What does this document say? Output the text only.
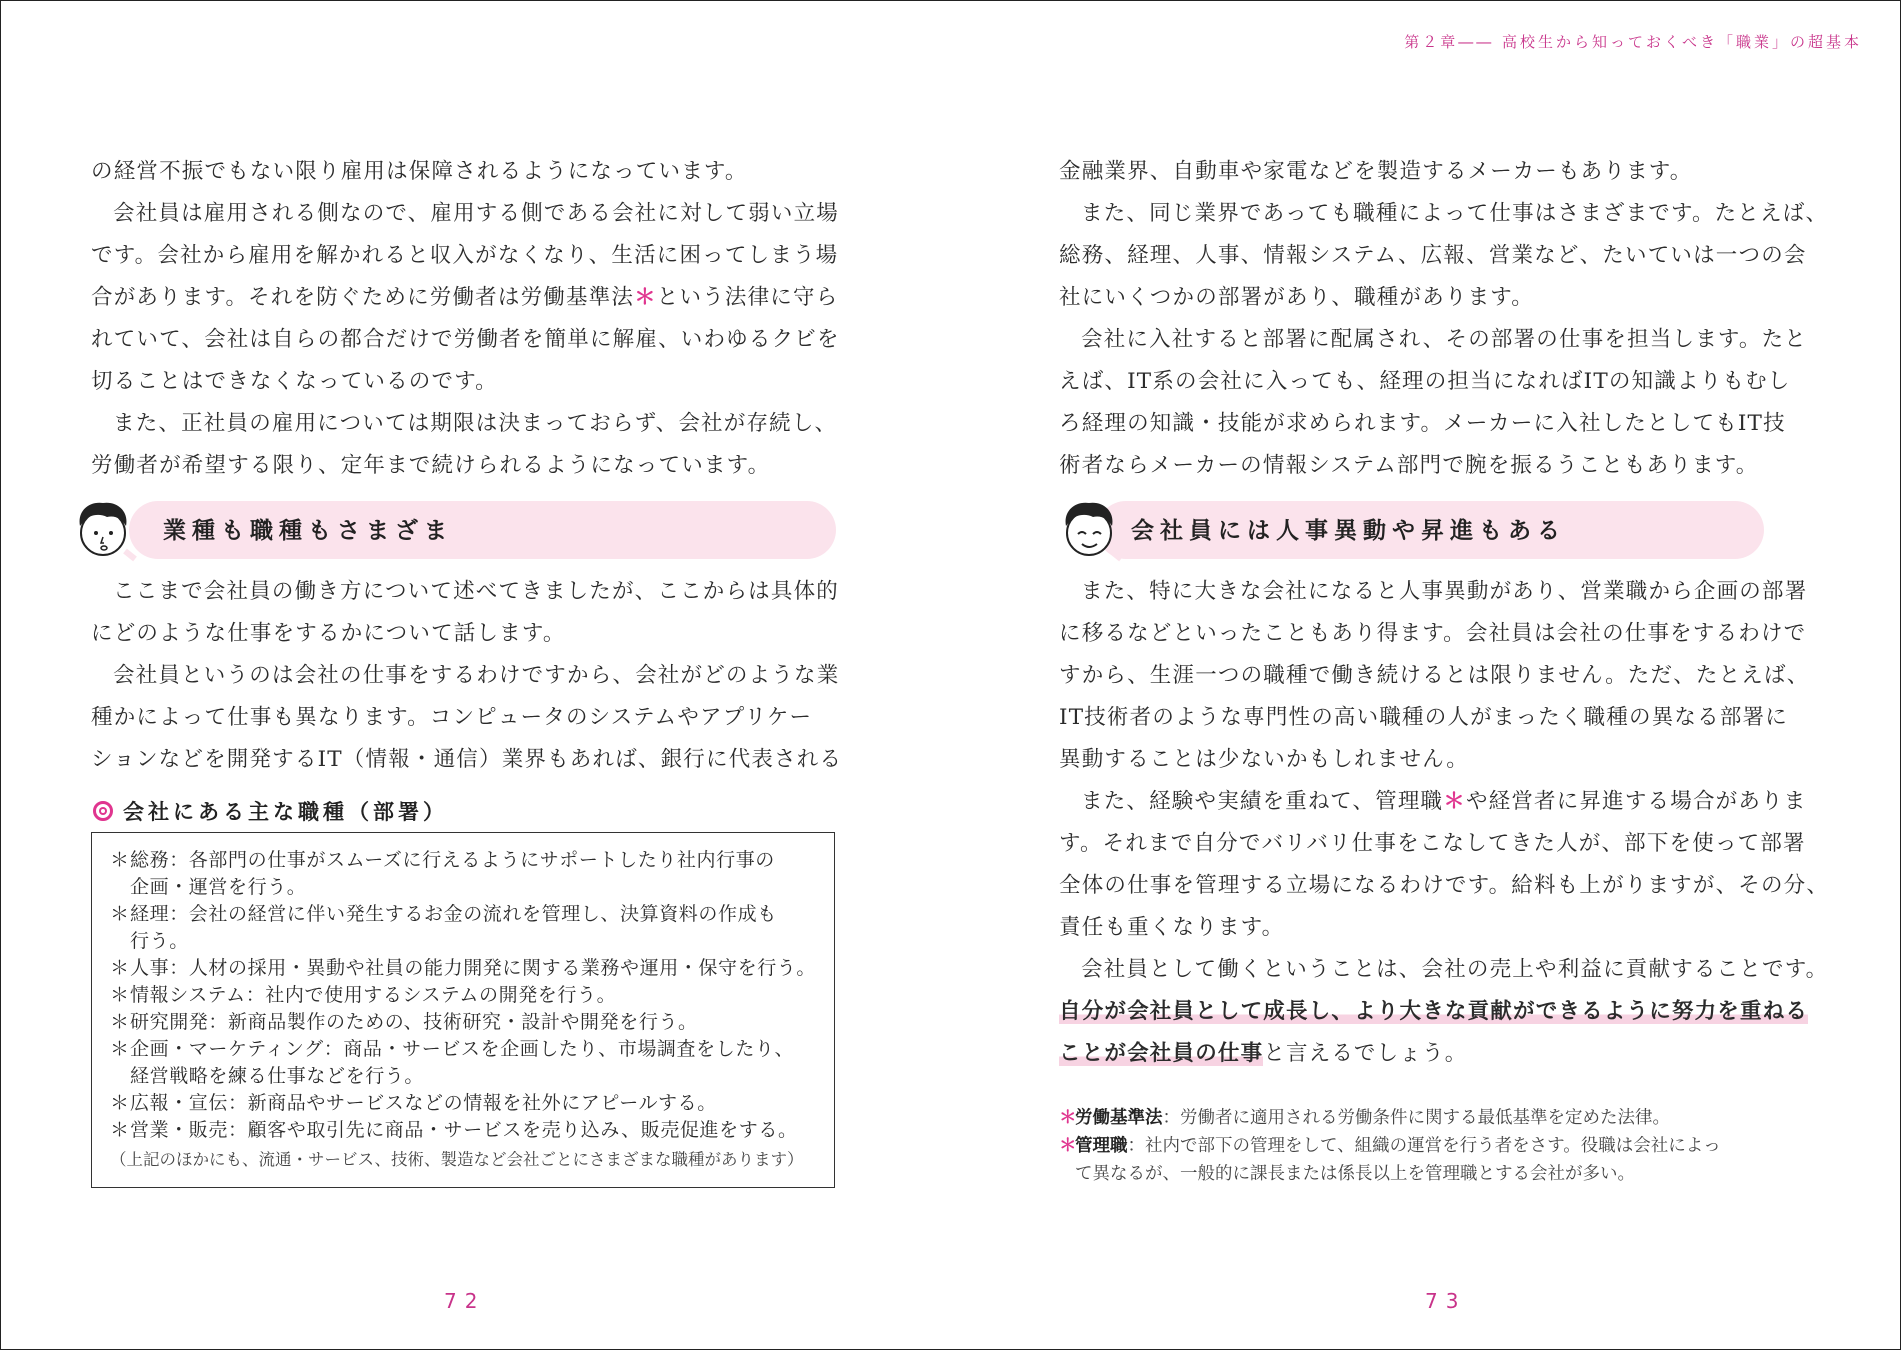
の経営不振でもない限り雇用は保障されるようになっています。

会社員は雇用される側なので、雇用する側である会社に対して弱い立場
です。会社から雇用を解かれると収入がなくなり、生活に困ってしまう場
合があります。それを防ぐために労働者は労働基準法＊という法律に守ら
れていて、会社は自らの都合だけで労働者を簡単に解雇、いわゆるクビを
切ることはできなくなっているのです。

また、正社員の雇用については期限は決まっておらず、会社が存続し、
労働者が希望する限り、定年まで続けられるようになっています。

業種も職種もさまざま

ここまで会社員の働き方について述べてきましたが、ここからは具体的
にどのような仕事をするかについて話します。

会社員というのは会社の仕事をするわけですから、会社がどのような業
種かによって仕事も異なります。コンピュータのシステムやアプリケー
ションなどを開発するIT（情報・通信）業界もあれば、銀行に代表される

会社にある主な職種（部署）
＊総務：各部門の仕事がスムーズに行えるようにサポートしたり社内行事の
企画・運営を行う。
＊経理：会社の経営に伴い発生するお金の流れを管理し、決算資料の作成も
行う。
＊人事：人材の採用・異動や社員の能力開発に関する業務や運用・保守を行う。
＊情報システム：社内で使用するシステムの開発を行う。
＊研究開発：新商品製作のための、技術研究・設計や開発を行う。
＊企画・マーケティング：商品・サービスを企画したり、市場調査をしたり、
経営戦略を練る仕事などを行う。
＊広報・宣伝：新商品やサービスなどの情報を社外にアピールする。
＊営業・販売：顧客や取引先に商品・サービスを売り込み、販売促進をする。
（上記のほかにも、流通・サービス、技術、製造など会社ごとにさまざまな職種があります）
72
第２章―― 高校生から知っておくべき「職業」の超基本

金融業界、自動車や家電などを製造するメーカーもあります。

また、同じ業界であっても職種によって仕事はさまざまです。たとえば、
総務、経理、人事、情報システム、広報、営業など、たいていは一つの会
社にいくつかの部署があり、職種があります。

会社に入社すると部署に配属され、その部署の仕事を担当します。たと
えば、IT系の会社に入っても、経理の担当になればITの知識よりもむし
ろ経理の知識・技能が求められます。メーカーに入社したとしてもIT技
術者ならメーカーの情報システム部門で腕を振るうこともあります。

会社員には人事異動や昇進もある

また、特に大きな会社になると人事異動があり、営業職から企画の部署
に移るなどといったこともあり得ます。会社員は会社の仕事をするわけで
すから、生涯一つの職種で働き続けるとは限りません。ただ、たとえば、
IT技術者のような専門性の高い職種の人がまったく職種の異なる部署に
異動することは少ないかもしれません。

また、経験や実績を重ねて、管理職＊や経営者に昇進する場合がありま
す。それまで自分でバリバリ仕事をこなしてきた人が、部下を使って部署
全体の仕事を管理する立場になるわけです。給料も上がりますが、その分、
責任も重くなります。

会社員として働くということは、会社の売上や利益に貢献することです。
自分が会社員として成長し、より大きな貢献ができるように努力を重ねる
ことが会社員の仕事と言えるでしょう。

＊労働基準法：労働者に適用される労働条件に関する最低基準を定めた法律。
＊管理職：社内で部下の管理をして、組織の運営を行う者をさす。役職は会社によっ
て異なるが、一般的に課長または係長以上を管理職とする会社が多い。
73
